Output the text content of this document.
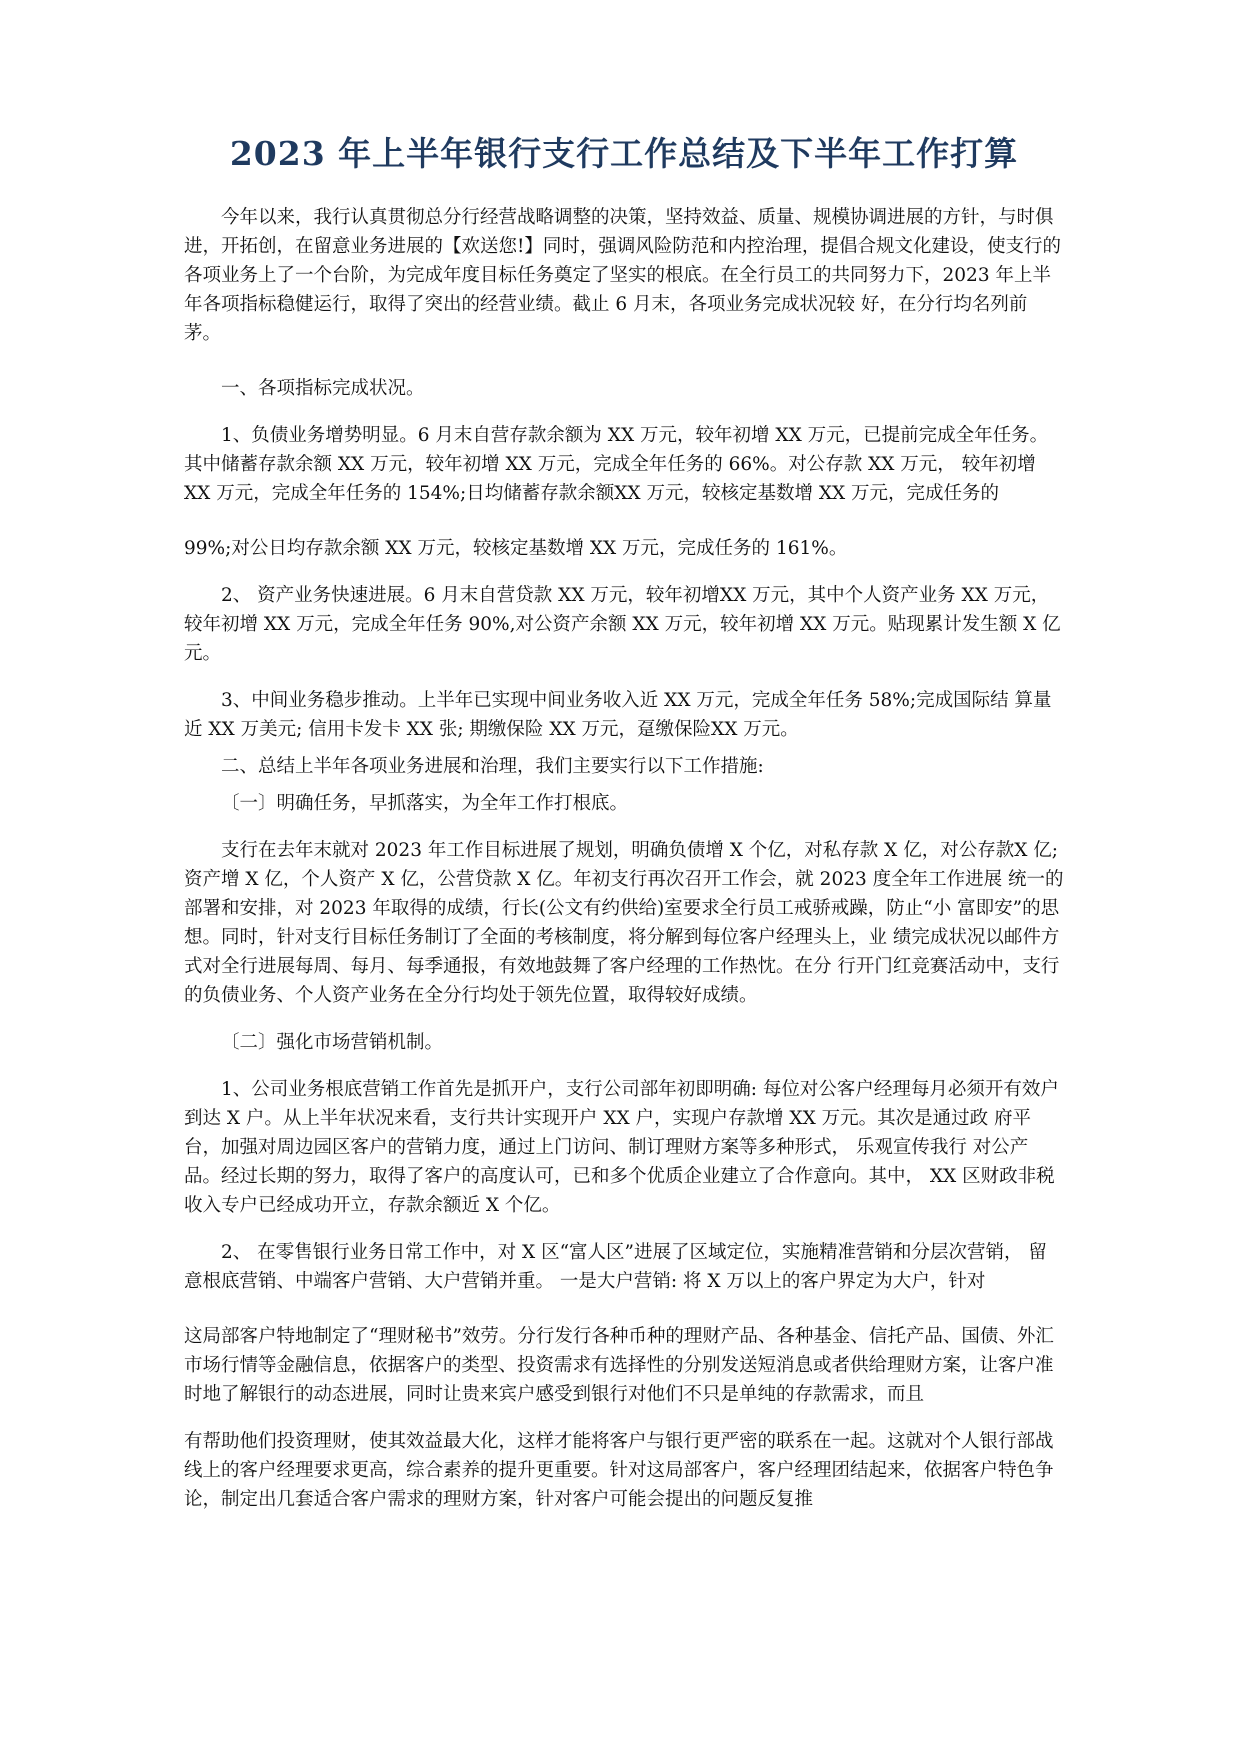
2023 年上半年银行支行工作总结及下半年工作打算

今年以来，我行认真贯彻总分行经营战略调整的决策，坚持效益、质量、规模协调进展的方针，与时俱进，开拓创，在留意业务进展的【欢送您!】同时，强调风险防范和内控治理，提倡合规文化建设，使支行的各项业务上了一个台阶，为完成年度目标任务奠定了坚实的根底。在全行员工的共同努力下，2023 年上半年各项指标稳健运行，取得了突出的经营业绩。截止 6 月末，各项业务完成状况较 好，在分行均名列前茅。

一、各项指标完成状况。

1、负债业务增势明显。6 月末自营存款余额为 XX 万元，较年初增 XX 万元，已提前完成全年任务。 其中储蓄存款余额 XX 万元，较年初增 XX 万元，完成全年任务的 66%。对公存款 XX 万元， 较年初增 XX 万元，完成全年任务的 154%;日均储蓄存款余额XX 万元，较核定基数增 XX 万元，完成任务的

99%;对公日均存款余额 XX 万元，较核定基数增 XX 万元，完成任务的 161%。

2、 资产业务快速进展。6 月末自营贷款 XX 万元，较年初增XX 万元，其中个人资产业务 XX 万元， 较年初增 XX 万元，完成全年任务 90%,对公资产余额 XX 万元，较年初增 XX 万元。贴现累计发生额 X 亿元。

3、中间业务稳步推动。上半年已实现中间业务收入近 XX 万元，完成全年任务 58%;完成国际结 算量近 XX 万美元; 信用卡发卡 XX 张; 期缴保险 XX 万元，趸缴保险XX 万元。

二、总结上半年各项业务进展和治理，我们主要实行以下工作措施:

〔一〕明确任务，早抓落实，为全年工作打根底。

支行在去年末就对 2023 年工作目标进展了规划，明确负债增 X 个亿，对私存款 X 亿，对公存款X 亿; 资产增 X 亿，个人资产 X 亿，公营贷款 X 亿。年初支行再次召开工作会，就 2023 度全年工作进展 统一的部署和安排，对 2023 年取得的成绩，行长(公文有约供给)室要求全行员工戒骄戒躁，防止“小 富即安”的思想。同时，针对支行目标任务制订了全面的考核制度，将分解到每位客户经理头上，业 绩完成状况以邮件方式对全行进展每周、每月、每季通报，有效地鼓舞了客户经理的工作热忱。在分 行开门红竞赛活动中，支行的负债业务、个人资产业务在全分行均处于领先位置，取得较好成绩。

〔二〕强化市场营销机制。

1、公司业务根底营销工作首先是抓开户，支行公司部年初即明确: 每位对公客户经理每月必须开有效户到达 X 户。从上半年状况来看，支行共计实现开户 XX 户，实现户存款增 XX 万元。其次是通过政 府平台，加强对周边园区客户的营销力度，通过上门访问、制订理财方案等多种形式， 乐观宣传我行 对公产品。经过长期的努力，取得了客户的高度认可，已和多个优质企业建立了合作意向。其中， XX 区财政非税收入专户已经成功开立，存款余额近 X 个亿。

2、 在零售银行业务日常工作中，对 X 区“富人区”进展了区域定位，实施精准营销和分层次营销， 留意根底营销、中端客户营销、大户营销并重。 一是大户营销: 将 X 万以上的客户界定为大户，针对

这局部客户特地制定了“理财秘书”效劳。分行发行各种币种的理财产品、各种基金、信托产品、国债、外汇市场行情等金融信息，依据客户的类型、投资需求有选择性的分别发送短消息或者供给理财方案，让客户准时地了解银行的动态进展，同时让贵来宾户感受到银行对他们不只是单纯的存款需求，而且

有帮助他们投资理财，使其效益最大化，这样才能将客户与银行更严密的联系在一起。这就对个人银行部战线上的客户经理要求更高，综合素养的提升更重要。针对这局部客户，客户经理团结起来，依据客户特色争论，制定出几套适合客户需求的理财方案，针对客户可能会提出的问题反复推
